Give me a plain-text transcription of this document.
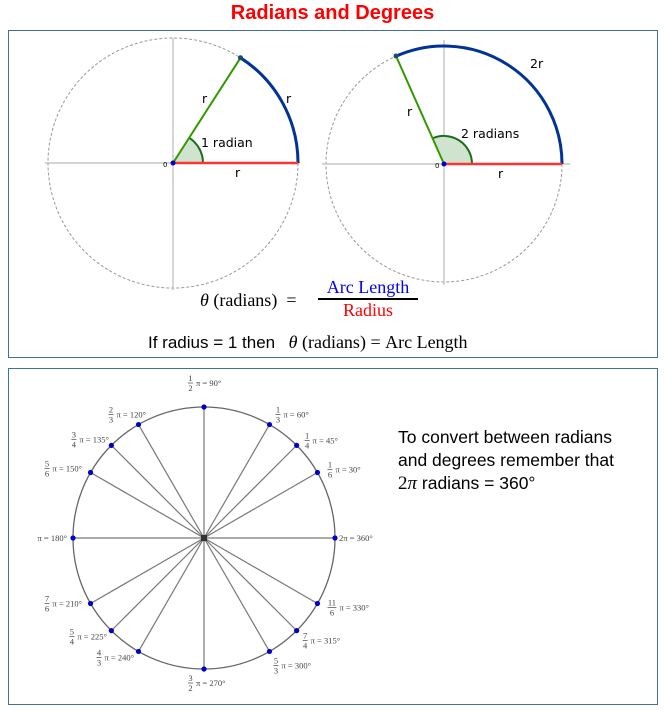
Radians and Degrees
0
1 radian
r	r
r	0
2 radians
r
2r
r
2π = 360°
1
6 π = 30°
1
4 π = 45°
1
3 π = 60°
1
2 π = 90°
2
3 π = 120°
3
4 π = 135°
5
6 π = 150°
π = 180°
7
6 π = 210°
5
4 π = 225°
4
3 π = 240°
3
2 π = 270°
5
3 π = 300°
7
4 π = 315°
11
6 π = 330°
θ (radians) =
Arc Length
Radius
If radius = 1 then θ (radians) = Arc Length
To convert between radians
and degrees remember that
2π radians = 360°
